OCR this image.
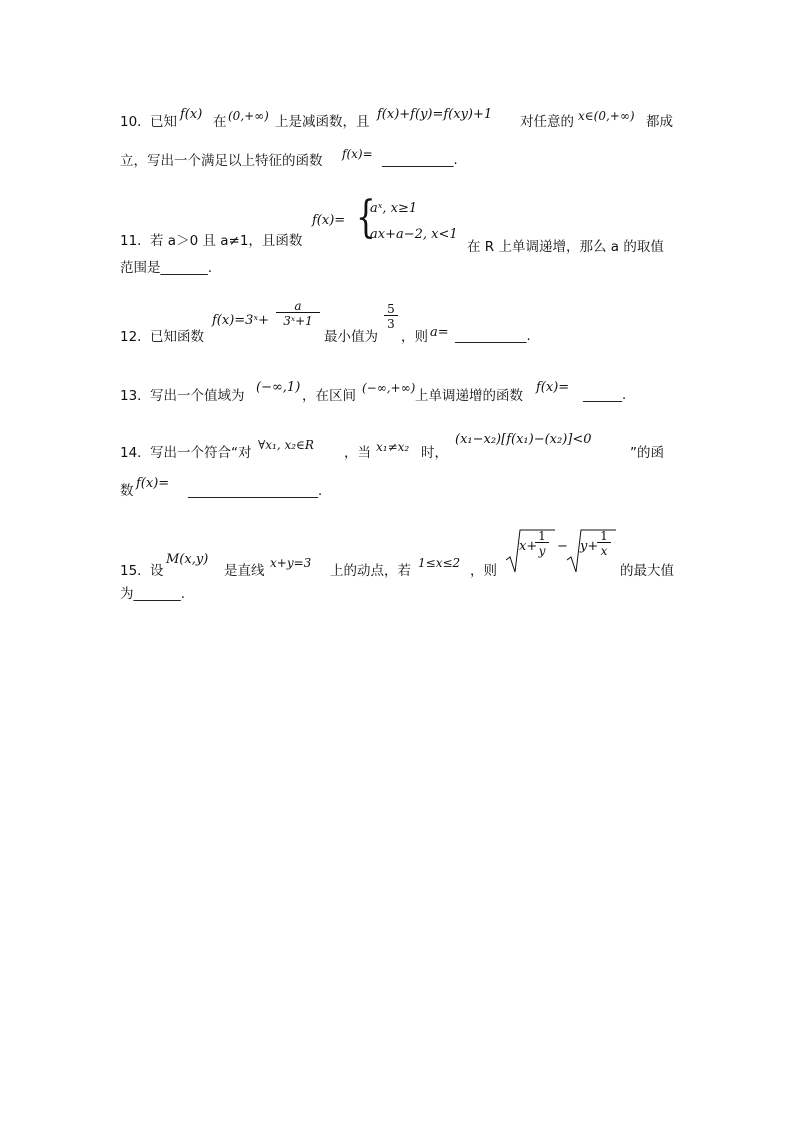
10． 已知 f(x) 在 (0,+∞) 上是减函数，且 f(x)+f(y)=f(xy)+1 对任意的 x∈(0,+∞) 都成
立，写出一个满足以上特征的函数 f(x)= ___________.
11． 若 a＞0 且 a≠1，且函数
f(x)= {
aˣ, x≥1
ax+a−2, x<1
在 R 上单调递增，那么 a 的取值
范围是_______.
12． 已知函数
f(x)=3ˣ+ $\frac{a}{\text{3ˣ+1}}$
最小值为
$\frac{5}{3}$
，则 a= ___________.
13． 写出一个值域为
(−∞,1)
，在区间 (−∞,+∞) 上单调递增的函数
f(x)=
______.
14． 写出一个符合“对 ∀x₁, x₂∈R ，当 x₁≠x₂ 时，
(x₁−x₂)[f(x₁)−(x₂)]<0
”的函
数 f(x)=
____________________.
15． 设
M(x,y)
是直线 x+y=3 上的动点，若 1≤x≤2 ，则
x+
$\frac{1}{y} - y+$
$\frac{1}{x}$
的最大值
为_______.
